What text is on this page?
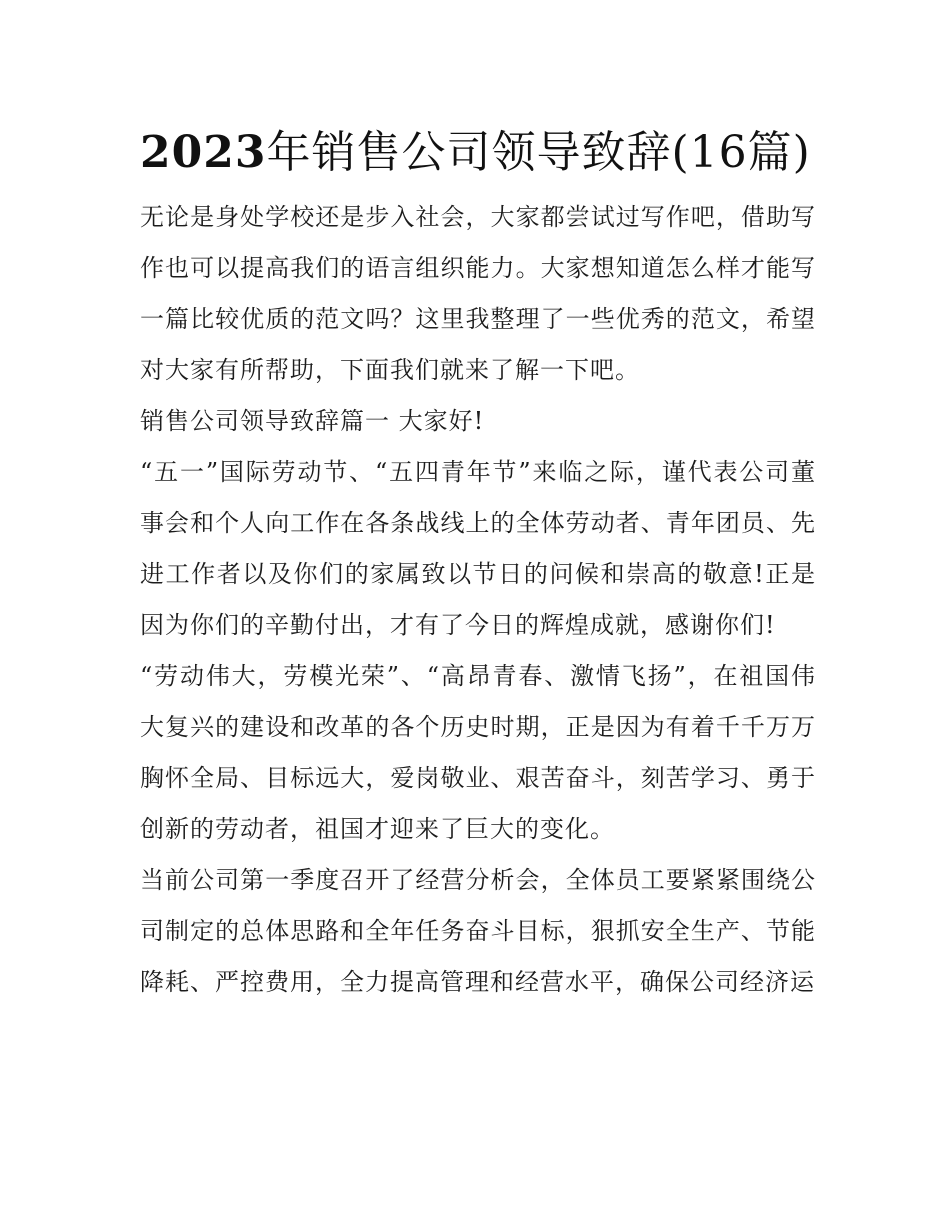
2023年销售公司领导致辞(16篇)

无论是身处学校还是步入社会，大家都尝试过写作吧，借助写作也可以提高我们的语言组织能力。大家想知道怎么样才能写一篇比较优质的范文吗？这里我整理了一些优秀的范文，希望对大家有所帮助，下面我们就来了解一下吧。

销售公司领导致辞篇一 大家好!

“五一”国际劳动节、“五四青年节”来临之际，谨代表公司董事会和个人向工作在各条战线上的全体劳动者、青年团员、先进工作者以及你们的家属致以节日的问候和崇高的敬意!正是因为你们的辛勤付出，才有了今日的辉煌成就，感谢你们!

“劳动伟大，劳模光荣”、“高昂青春、激情飞扬”，在祖国伟大复兴的建设和改革的各个历史时期，正是因为有着千千万万胸怀全局、目标远大，爱岗敬业、艰苦奋斗，刻苦学习、勇于创新的劳动者，祖国才迎来了巨大的变化。

当前公司第一季度召开了经营分析会，全体员工要紧紧围绕公司制定的总体思路和全年任务奋斗目标，狠抓安全生产、节能降耗、严控费用，全力提高管理和经营水平，确保公司经济运
